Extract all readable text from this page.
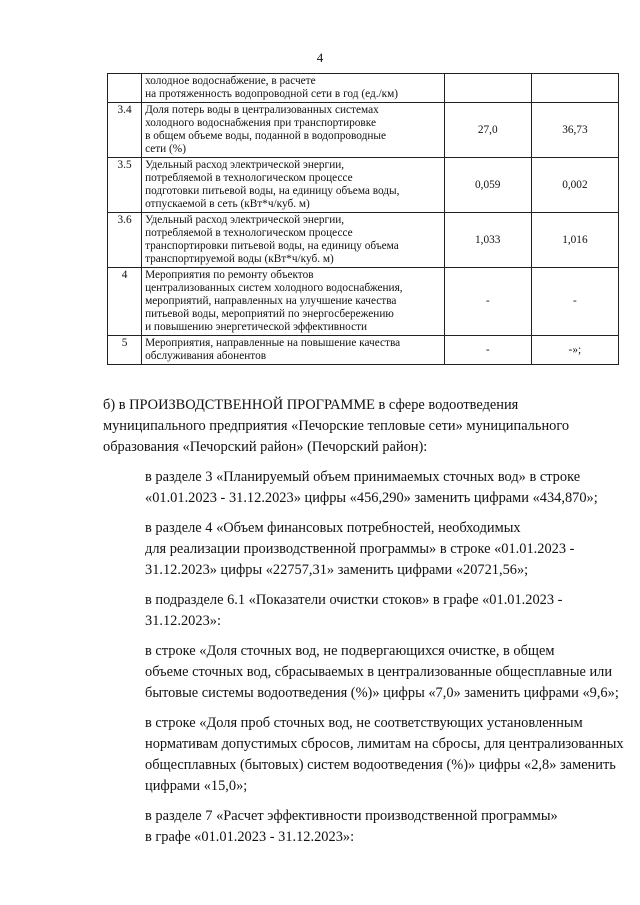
4

	холодное водоснабжение, в расчете
на протяженность водопроводной сети в год (ед./км)		

3.4	Доля потерь воды в централизованных системах
холодного водоснабжения при транспортировке
в общем объеме воды, поданной в водопроводные
сети (%)	27,0	36,73
3.5	Удельный расход электрической энергии,
потребляемой в технологическом процессе
подготовки питьевой воды, на единицу объема воды,
отпускаемой в сеть (кВт*ч/куб. м)	0,059	0,002
3.6	Удельный расход электрической энергии,
потребляемой в технологическом процессе
транспортировки питьевой воды, на единицу объема
транспортируемой воды (кВт*ч/куб. м)	1,033	1,016
4	Мероприятия по ремонту объектов
централизованных систем холодного водоснабжения,
мероприятий, направленных на улучшение качества
питьевой воды, мероприятий по энергосбережению
и повышению энергетической эффективности	-	-
5	Мероприятия, направленные на повышение качества
обслуживания абонентов	-	-»;

б) в ПРОИЗВОДСТВЕННОЙ ПРОГРАММЕ в сфере водоотведения
муниципального предприятия «Печорские тепловые сети» муниципального
образования «Печорский район» (Печорский район):

в разделе 3 «Планируемый объем принимаемых сточных вод» в строке
«01.01.2023 - 31.12.2023» цифры «456,290» заменить цифрами «434,870»;

в разделе 4 «Объем финансовых потребностей, необходимых
для реализации производственной программы» в строке «01.01.2023 -
31.12.2023» цифры «22757,31» заменить цифрами «20721,56»;

в подразделе 6.1 «Показатели очистки стоков» в графе «01.01.2023 -
31.12.2023»:

в строке «Доля сточных вод, не подвергающихся очистке, в общем
объеме сточных вод, сбрасываемых в централизованные общесплавные или
бытовые системы водоотведения (%)» цифры «7,0» заменить цифрами «9,6»;

в строке «Доля проб сточных вод, не соответствующих установленным
нормативам допустимых сбросов, лимитам на сбросы, для централизованных
общесплавных (бытовых) систем водоотведения (%)» цифры «2,8» заменить
цифрами «15,0»;

в разделе 7 «Расчет эффективности производственной программы»
в графе «01.01.2023 - 31.12.2023»:
